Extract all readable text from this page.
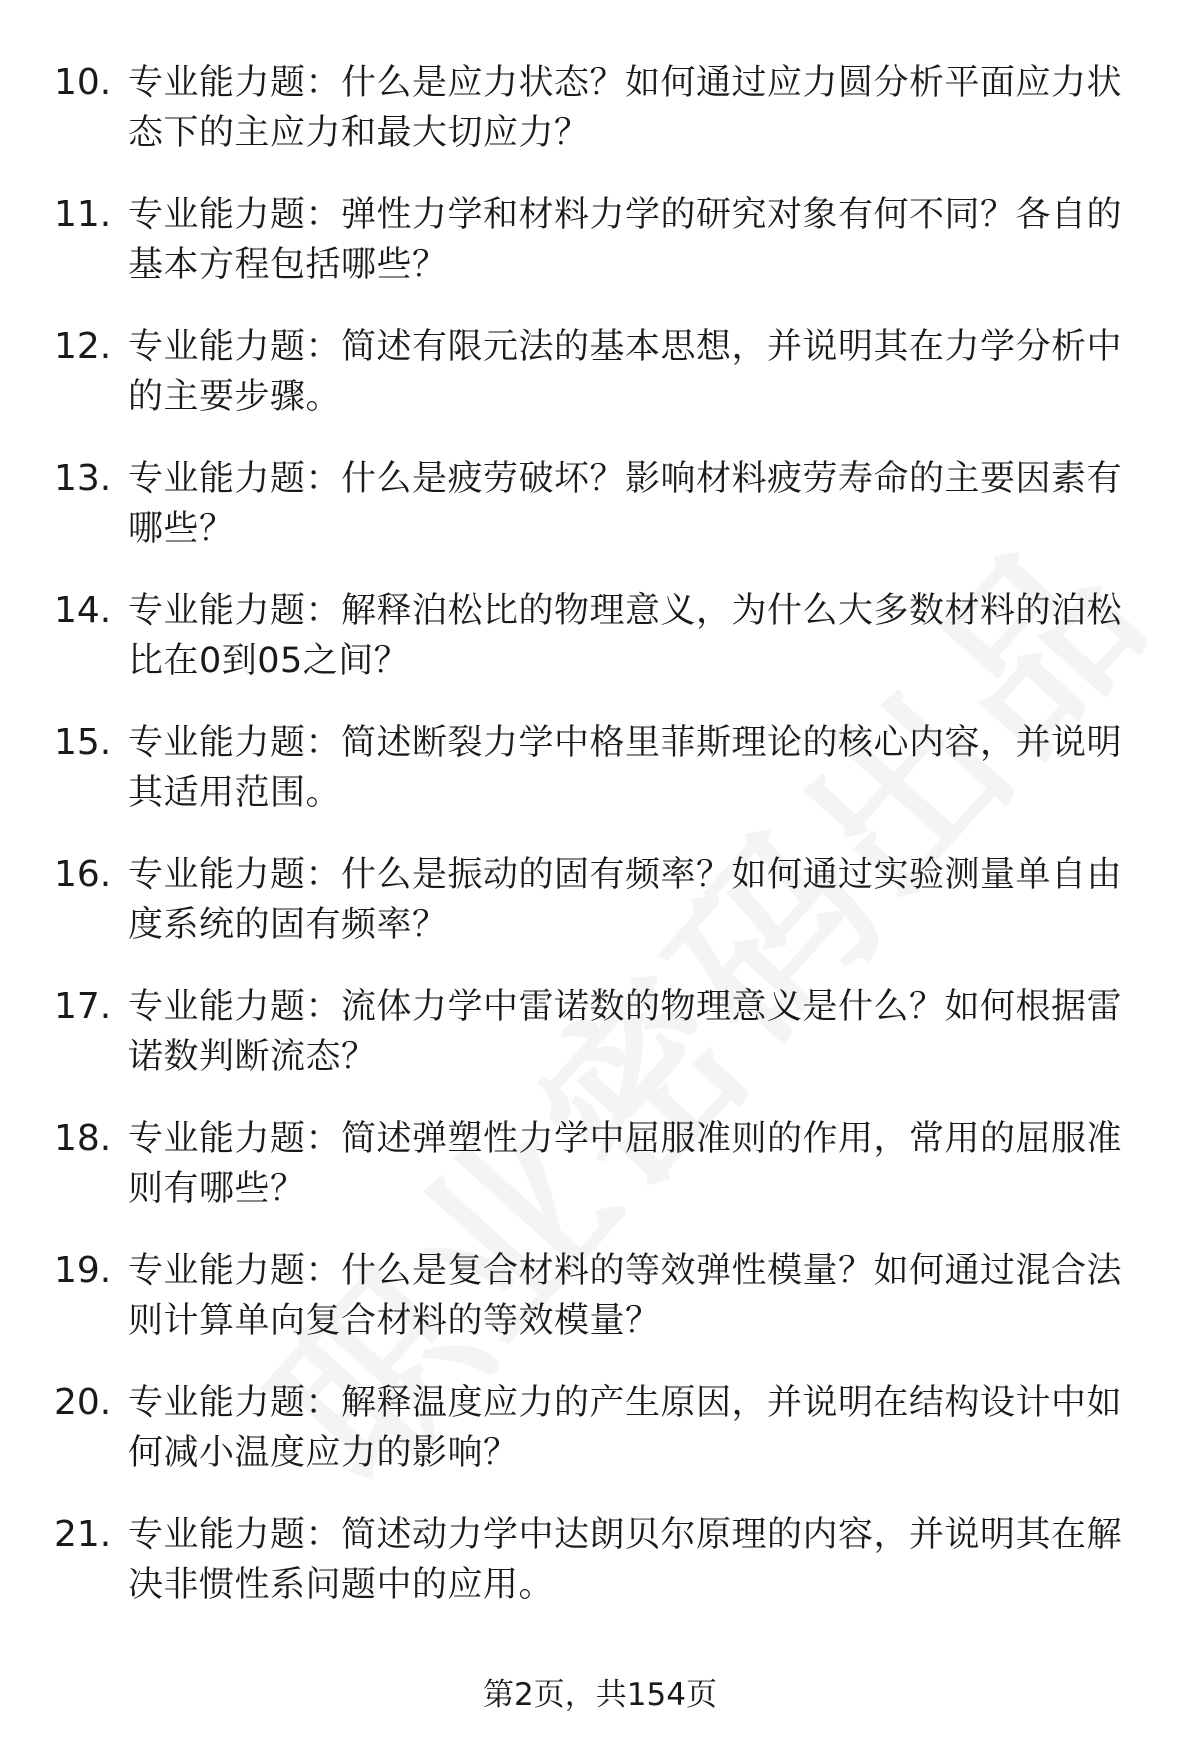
10. 专业能力题：什么是应力状态？如何通过应力圆分析平面应力状态下的主应力和最大切应力？
11. 专业能力题：弹性力学和材料力学的研究对象有何不同？各自的基本方程包括哪些？
12. 专业能力题：简述有限元法的基本思想，并说明其在力学分析中的主要步骤。
13. 专业能力题：什么是疲劳破坏？影响材料疲劳寿命的主要因素有哪些？
14. 专业能力题：解释泊松比的物理意义，为什么大多数材料的泊松比在0到05之间？
15. 专业能力题：简述断裂力学中格里菲斯理论的核心内容，并说明其适用范围。
16. 专业能力题：什么是振动的固有频率？如何通过实验测量单自由度系统的固有频率？
17. 专业能力题：流体力学中雷诺数的物理意义是什么？如何根据雷诺数判断流态？
18. 专业能力题：简述弹塑性力学中屈服准则的作用，常用的屈服准则有哪些？
19. 专业能力题：什么是复合材料的等效弹性模量？如何通过混合法则计算单向复合材料的等效模量？
20. 专业能力题：解释温度应力的产生原因，并说明在结构设计中如何减小温度应力的影响？
21. 专业能力题：简述动力学中达朗贝尔原理的内容，并说明其在解决非惯性系问题中的应用。
第2页，共154页
